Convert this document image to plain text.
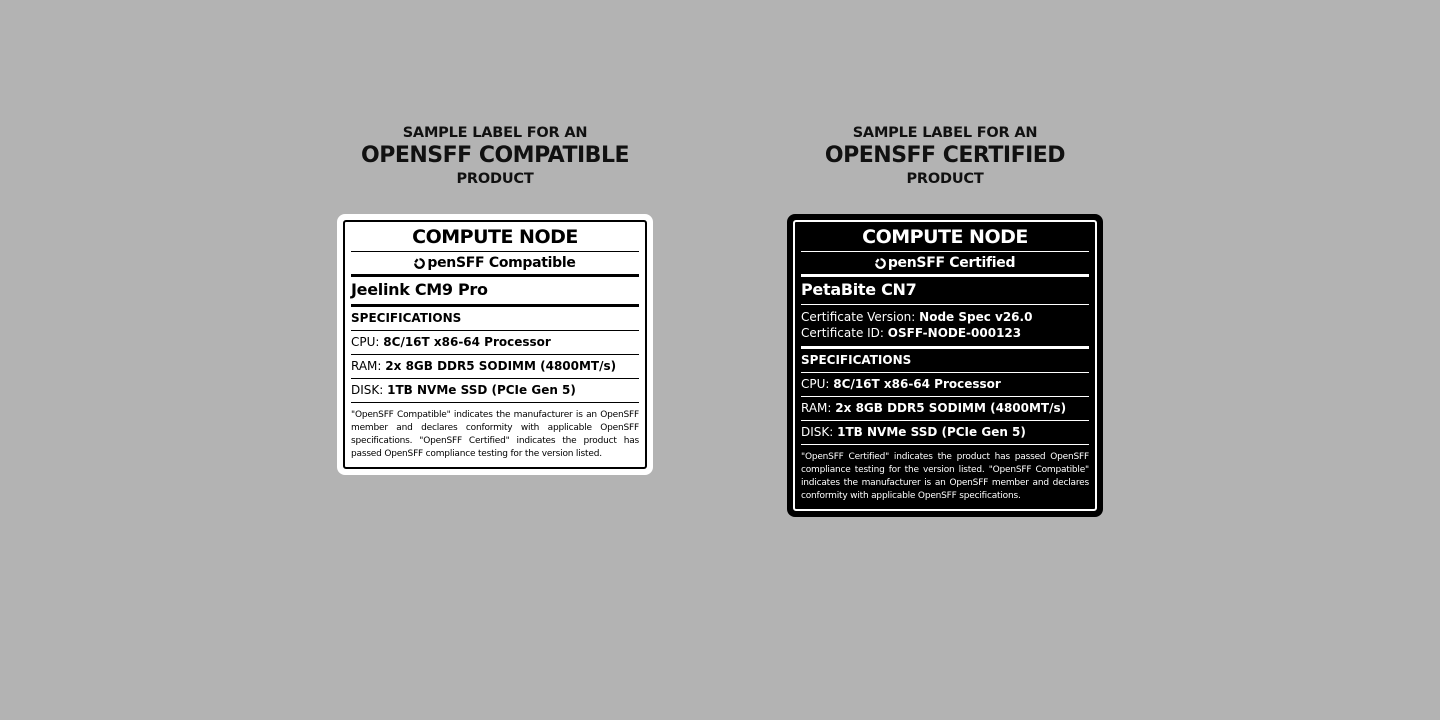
SAMPLE LABEL FOR AN
OPENSFF COMPATIBLE
PRODUCT
COMPUTE NODE
penSFF Compatible
Jeelink CM9 Pro
SPECIFICATIONS
CPU: 8C/16T x86-64 Processor
RAM: 2x 8GB DDR5 SODIMM (4800MT/s)
DISK: 1TB NVMe SSD (PCIe Gen 5)
"OpenSFF Compatible" indicates the manufacturer is an OpenSFF member and declares conformity with applicable OpenSFF specifications. "OpenSFF Certified" indicates the product has passed OpenSFF compliance testing for the version listed.
SAMPLE LABEL FOR AN
OPENSFF CERTIFIED
PRODUCT
COMPUTE NODE
penSFF Certified
PetaBite CN7
Certificate Version: Node Spec v26.0
Certificate ID: OSFF-NODE-000123
SPECIFICATIONS
CPU: 8C/16T x86-64 Processor
RAM: 2x 8GB DDR5 SODIMM (4800MT/s)
DISK: 1TB NVMe SSD (PCIe Gen 5)
"OpenSFF Certified" indicates the product has passed OpenSFF compliance testing for the version listed. "OpenSFF Compatible" indicates the manufacturer is an OpenSFF member and declares conformity with applicable OpenSFF specifications.
